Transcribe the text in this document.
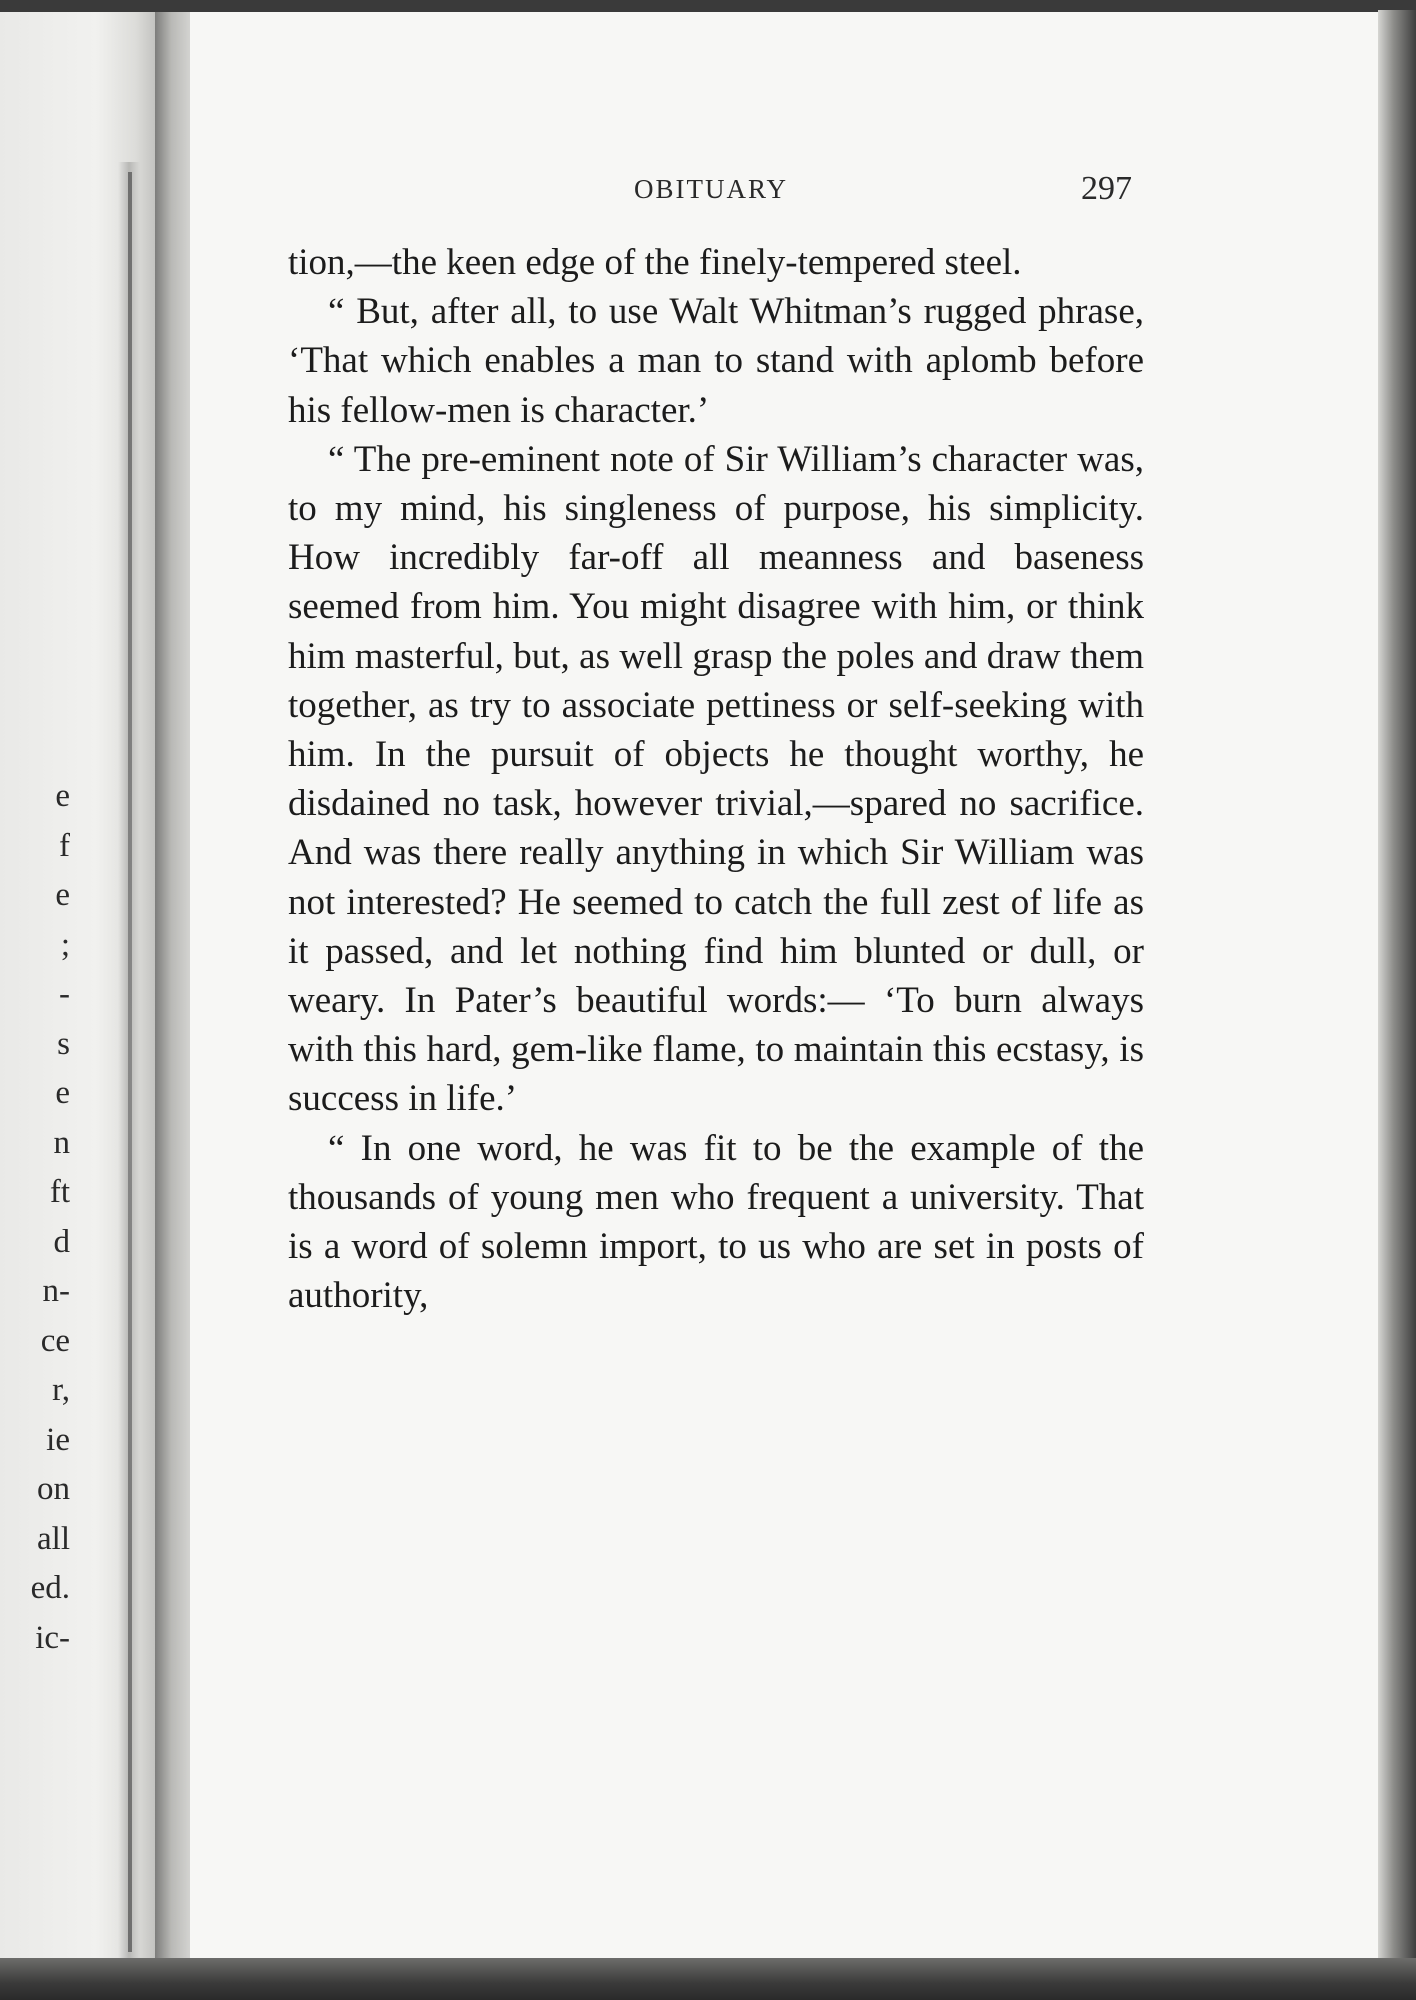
e
f
e
;
-
s
e
n
ft
d
n-
ce
r,
ie
on
all
ed.
ic-
OBITUARY	297

tion,—the keen edge of the finely-tempered steel.

“ But, after all, to use Walt Whitman’s rugged phrase, ‘That which enables a man to stand with aplomb before his fellow-men is character.’

“ The pre-eminent note of Sir William’s character was, to my mind, his singleness of purpose, his simplicity. How incredibly far-off all meanness and baseness seemed from him. You might disagree with him, or think him masterful, but, as well grasp the poles and draw them together, as try to associate pettiness or self-seeking with him. In the pursuit of objects he thought worthy, he disdained no task, however trivial,—spared no sacrifice. And was there really anything in which Sir William was not interested? He seemed to catch the full zest of life as it passed, and let nothing find him blunted or dull, or weary. In Pater’s beautiful words:— ‘To burn always with this hard, gem-like flame, to maintain this ecstasy, is success in life.’

“ In one word, he was fit to be the example of the thousands of young men who frequent a university. That is a word of solemn import, to us who are set in posts of authority,
